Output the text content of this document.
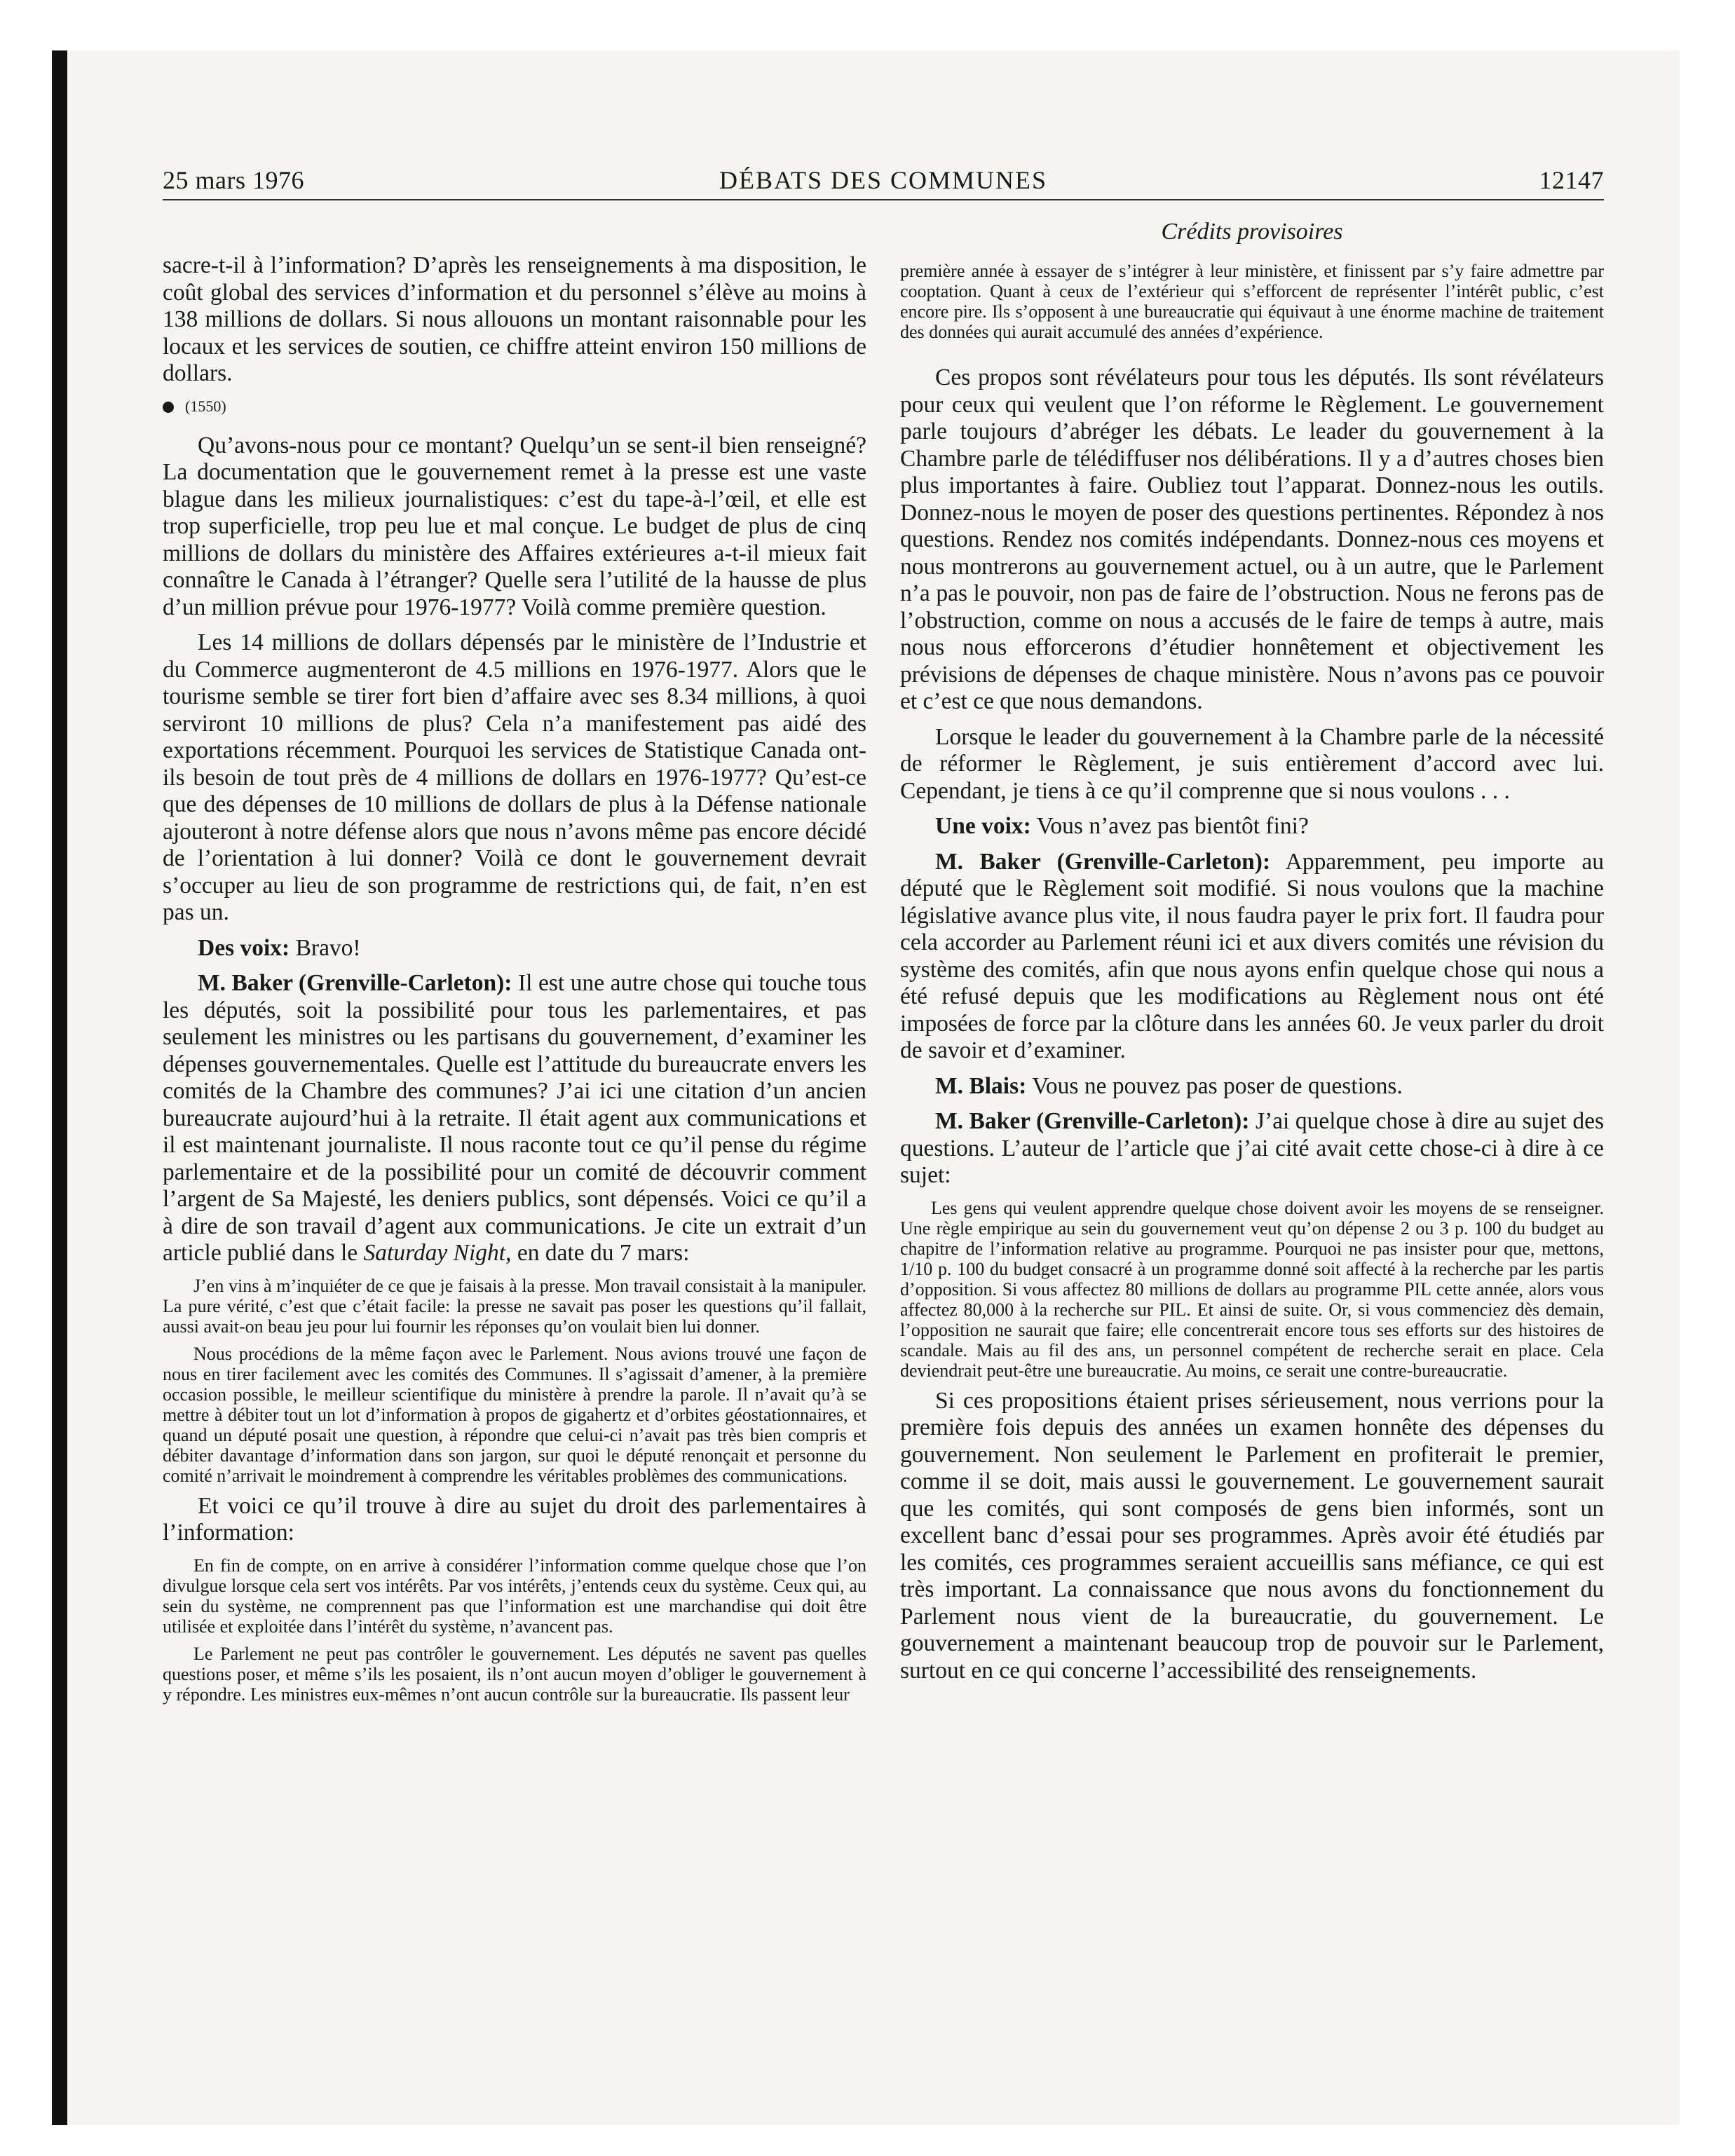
25 mars 1976	DÉBATS DES COMMUNES	12147
Crédits provisoires

sacre-t-il à l’information? D’après les renseignements à ma disposition, le coût global des services d’information et du personnel s’élève au moins à 138 millions de dollars. Si nous allouons un montant raisonnable pour les locaux et les services de soutien, ce chiffre atteint environ 150 millions de dollars.

(1550)

Qu’avons-nous pour ce montant? Quelqu’un se sent-il bien renseigné? La documentation que le gouvernement remet à la presse est une vaste blague dans les milieux journalistiques: c’est du tape-à-l’œil, et elle est trop superficielle, trop peu lue et mal conçue. Le budget de plus de cinq millions de dollars du ministère des Affaires extérieures a-t-il mieux fait connaître le Canada à l’étranger? Quelle sera l’utilité de la hausse de plus d’un million prévue pour 1976-1977? Voilà comme première question.

Les 14 millions de dollars dépensés par le ministère de l’Industrie et du Commerce augmenteront de 4.5 millions en 1976-1977. Alors que le tourisme semble se tirer fort bien d’affaire avec ses 8.34 millions, à quoi serviront 10 millions de plus? Cela n’a manifestement pas aidé des exportations récemment. Pourquoi les services de Statistique Canada ont-ils besoin de tout près de 4 millions de dollars en 1976-1977? Qu’est-ce que des dépenses de 10 millions de dollars de plus à la Défense nationale ajouteront à notre défense alors que nous n’avons même pas encore décidé de l’orientation à lui donner? Voilà ce dont le gouvernement devrait s’occuper au lieu de son programme de restrictions qui, de fait, n’en est pas un.

Des voix: Bravo!

M. Baker (Grenville-Carleton): Il est une autre chose qui touche tous les députés, soit la possibilité pour tous les parlementaires, et pas seulement les ministres ou les partisans du gouvernement, d’examiner les dépenses gouvernementales. Quelle est l’attitude du bureaucrate envers les comités de la Chambre des communes? J’ai ici une citation d’un ancien bureaucrate aujourd’hui à la retraite. Il était agent aux communications et il est maintenant journaliste. Il nous raconte tout ce qu’il pense du régime parlementaire et de la possibilité pour un comité de découvrir comment l’argent de Sa Majesté, les deniers publics, sont dépensés. Voici ce qu’il a à dire de son travail d’agent aux communications. Je cite un extrait d’un article publié dans le Saturday Night, en date du 7 mars:

J’en vins à m’inquiéter de ce que je faisais à la presse. Mon travail consistait à la manipuler. La pure vérité, c’est que c’était facile: la presse ne savait pas poser les questions qu’il fallait, aussi avait-on beau jeu pour lui fournir les réponses qu’on voulait bien lui donner.

Nous procédions de la même façon avec le Parlement. Nous avions trouvé une façon de nous en tirer facilement avec les comités des Communes. Il s’agissait d’amener, à la première occasion possible, le meilleur scientifique du ministère à prendre la parole. Il n’avait qu’à se mettre à débiter tout un lot d’information à propos de gigahertz et d’orbites géostationnaires, et quand un député posait une question, à répondre que celui-ci n’avait pas très bien compris et débiter davantage d’information dans son jargon, sur quoi le député renonçait et personne du comité n’arrivait le moindrement à comprendre les véritables problèmes des communications.

Et voici ce qu’il trouve à dire au sujet du droit des parlementaires à l’information:

En fin de compte, on en arrive à considérer l’information comme quelque chose que l’on divulgue lorsque cela sert vos intérêts. Par vos intérêts, j’entends ceux du système. Ceux qui, au sein du système, ne comprennent pas que l’information est une marchandise qui doit être utilisée et exploitée dans l’intérêt du système, n’avancent pas.

Le Parlement ne peut pas contrôler le gouvernement. Les députés ne savent pas quelles questions poser, et même s’ils les posaient, ils n’ont aucun moyen d’obliger le gouvernement à y répondre. Les ministres eux-mêmes n’ont aucun contrôle sur la bureaucratie. Ils passent leur

première année à essayer de s’intégrer à leur ministère, et finissent par s’y faire admettre par cooptation. Quant à ceux de l’extérieur qui s’efforcent de représenter l’intérêt public, c’est encore pire. Ils s’opposent à une bureaucratie qui équivaut à une énorme machine de traitement des données qui aurait accumulé des années d’expérience.

Ces propos sont révélateurs pour tous les députés. Ils sont révélateurs pour ceux qui veulent que l’on réforme le Règlement. Le gouvernement parle toujours d’abréger les débats. Le leader du gouvernement à la Chambre parle de télédiffuser nos délibérations. Il y a d’autres choses bien plus importantes à faire. Oubliez tout l’apparat. Donnez-nous les outils. Donnez-nous le moyen de poser des questions pertinentes. Répondez à nos questions. Rendez nos comités indépendants. Donnez-nous ces moyens et nous montrerons au gouvernement actuel, ou à un autre, que le Parlement n’a pas le pouvoir, non pas de faire de l’obstruction. Nous ne ferons pas de l’obstruction, comme on nous a accusés de le faire de temps à autre, mais nous nous efforcerons d’étudier honnêtement et objectivement les prévisions de dépenses de chaque ministère. Nous n’avons pas ce pouvoir et c’est ce que nous demandons.

Lorsque le leader du gouvernement à la Chambre parle de la nécessité de réformer le Règlement, je suis entièrement d’accord avec lui. Cependant, je tiens à ce qu’il comprenne que si nous voulons . . .

Une voix: Vous n’avez pas bientôt fini?

M. Baker (Grenville-Carleton): Apparemment, peu importe au député que le Règlement soit modifié. Si nous voulons que la machine législative avance plus vite, il nous faudra payer le prix fort. Il faudra pour cela accorder au Parlement réuni ici et aux divers comités une révision du système des comités, afin que nous ayons enfin quelque chose qui nous a été refusé depuis que les modifications au Règlement nous ont été imposées de force par la clôture dans les années 60. Je veux parler du droit de savoir et d’examiner.

M. Blais: Vous ne pouvez pas poser de questions.

M. Baker (Grenville-Carleton): J’ai quelque chose à dire au sujet des questions. L’auteur de l’article que j’ai cité avait cette chose-ci à dire à ce sujet:

Les gens qui veulent apprendre quelque chose doivent avoir les moyens de se renseigner. Une règle empirique au sein du gouvernement veut qu’on dépense 2 ou 3 p. 100 du budget au chapitre de l’information relative au programme. Pourquoi ne pas insister pour que, mettons, 1/10 p. 100 du budget consacré à un programme donné soit affecté à la recherche par les partis d’opposition. Si vous affectez 80 millions de dollars au programme PIL cette année, alors vous affectez 80,000 à la recherche sur PIL. Et ainsi de suite. Or, si vous commenciez dès demain, l’opposition ne saurait que faire; elle concentrerait encore tous ses efforts sur des histoires de scandale. Mais au fil des ans, un personnel compétent de recherche serait en place. Cela deviendrait peut-être une bureaucratie. Au moins, ce serait une contre-bureaucratie.

Si ces propositions étaient prises sérieusement, nous verrions pour la première fois depuis des années un examen honnête des dépenses du gouvernement. Non seulement le Parlement en profiterait le premier, comme il se doit, mais aussi le gouvernement. Le gouvernement saurait que les comités, qui sont composés de gens bien informés, sont un excellent banc d’essai pour ses programmes. Après avoir été étudiés par les comités, ces programmes seraient accueillis sans méfiance, ce qui est très important. La connaissance que nous avons du fonctionnement du Parlement nous vient de la bureaucratie, du gouvernement. Le gouvernement a maintenant beaucoup trop de pouvoir sur le Parlement, surtout en ce qui concerne l’accessibilité des renseignements.
